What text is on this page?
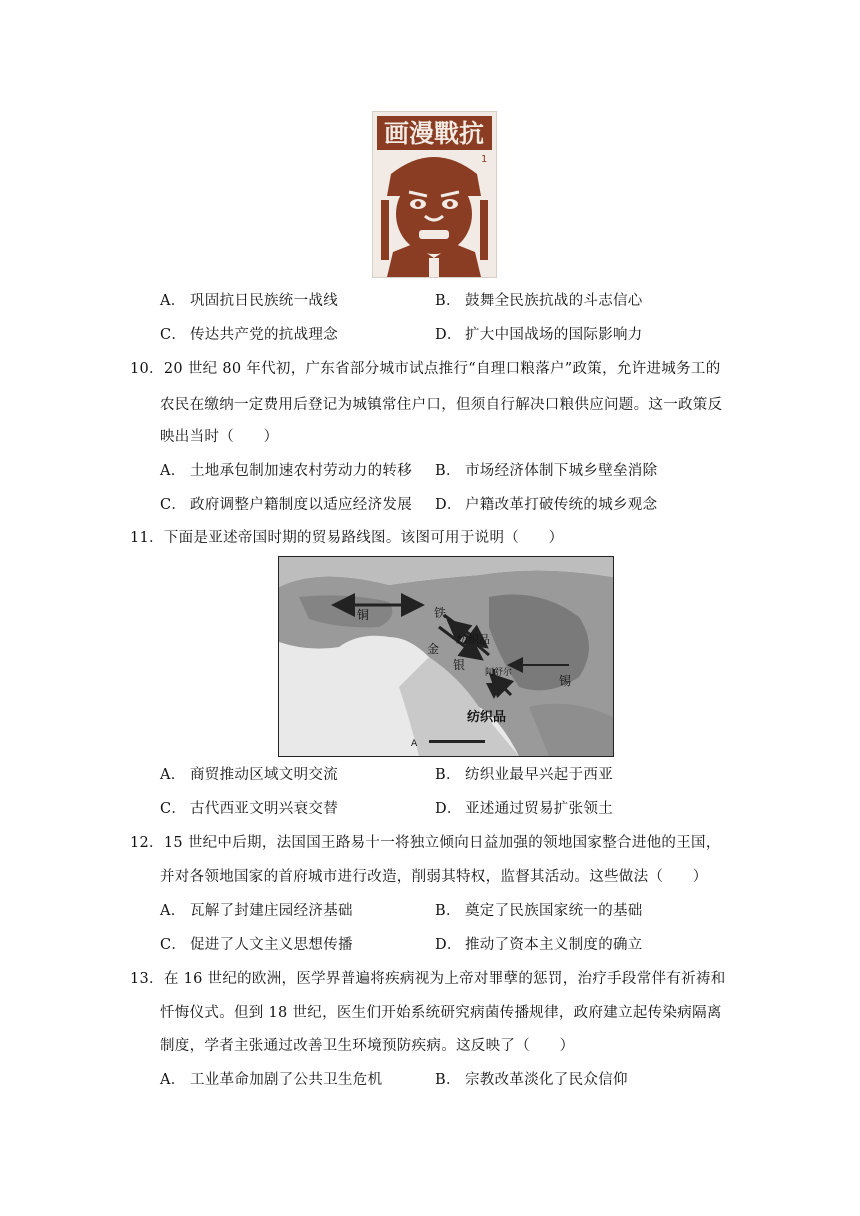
画漫戰抗
1
A． 巩固抗日民族统一战线	B． 鼓舞全民族抗战的斗志信心
C． 传达共产党的抗战理念	D． 扩大中国战场的国际影响力
10．20 世纪 80 年代初，广东省部分城市试点推行“自理口粮落户”政策，允许进城务工的
农民在缴纳一定费用后登记为城镇常住户口，但须自行解决口粮供应问题。这一政策反
映出当时（　　）
A． 土地承包制加速农村劳动力的转移 B． 市场经济体制下城乡壁垒消除
C． 政府调整户籍制度以适应经济发展 D． 户籍改革打破传统的城乡观念
11．下面是亚述帝国时期的贸易路线图。该图可用于说明（　　）
铜	铁
纺织品
金
银
阿舒尔
锡
纺织品
A
A． 商贸推动区域文明交流	B． 纺织业最早兴起于西亚
C． 古代西亚文明兴衰交替	D． 亚述通过贸易扩张领土
12．15 世纪中后期，法国国王路易十一将独立倾向日益加强的领地国家整合进他的王国，
并对各领地国家的首府城市进行改造，削弱其特权，监督其活动。这些做法（　　）
A． 瓦解了封建庄园经济基础	B． 奠定了民族国家统一的基础
C． 促进了人文主义思想传播	D． 推动了资本主义制度的确立
13．在 16 世纪的欧洲，医学界普遍将疾病视为上帝对罪孽的惩罚，治疗手段常伴有祈祷和
忏悔仪式。但到 18 世纪，医生们开始系统研究病菌传播规律，政府建立起传染病隔离
制度，学者主张通过改善卫生环境预防疾病。这反映了（　　）
A． 工业革命加剧了公共卫生危机	B． 宗教改革淡化了民众信仰
